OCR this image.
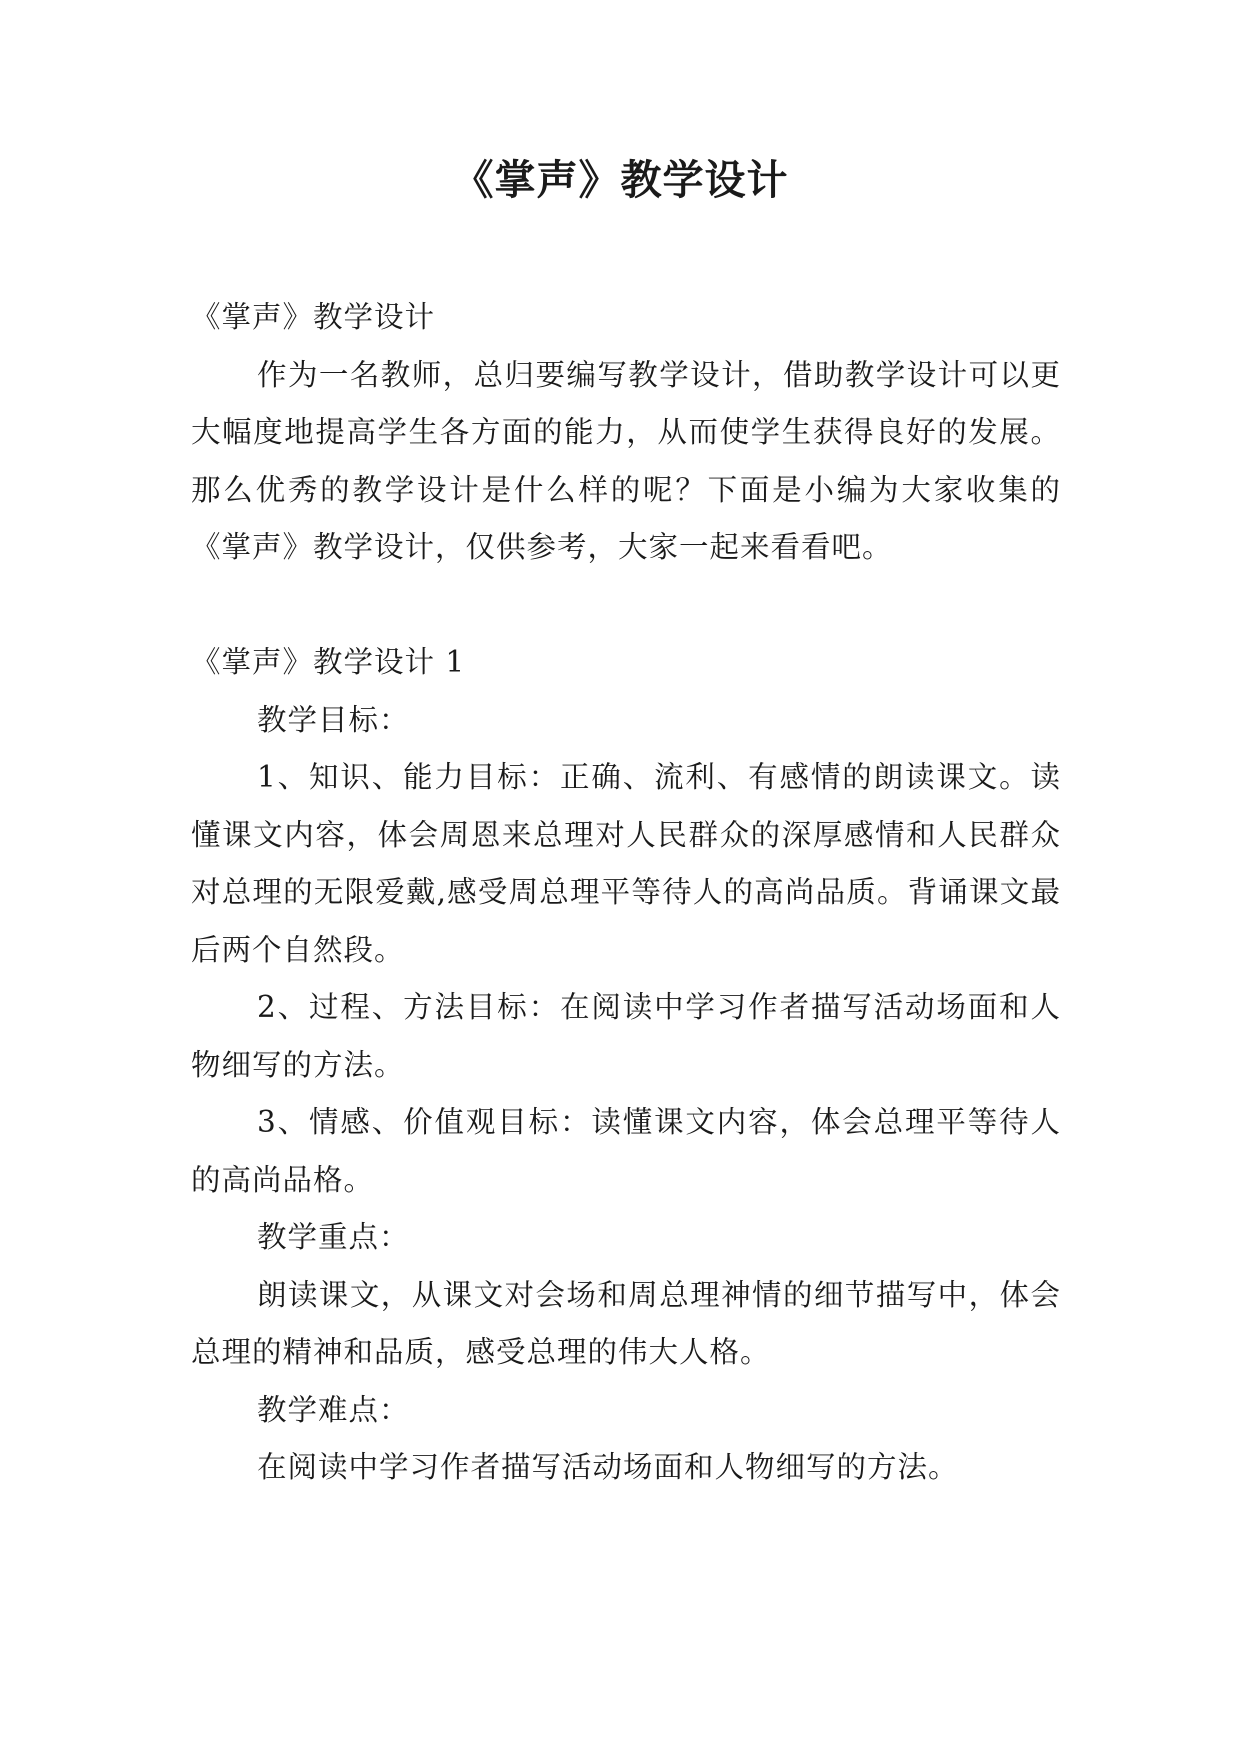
《掌声》教学设计

《掌声》教学设计

作为一名教师，总归要编写教学设计，借助教学设计可以更大幅度地提高学生各方面的能力，从而使学生获得良好的发展。那么优秀的教学设计是什么样的呢？下面是小编为大家收集的《掌声》教学设计，仅供参考，大家一起来看看吧。

《掌声》教学设计 1

教学目标：

1、知识、能力目标：正确、流利、有感情的朗读课文。读懂课文内容，体会周恩来总理对人民群众的深厚感情和人民群众对总理的无限爱戴,感受周总理平等待人的高尚品质。背诵课文最后两个自然段。

2、过程、方法目标：在阅读中学习作者描写活动场面和人物细写的方法。

3、情感、价值观目标：读懂课文内容，体会总理平等待人的高尚品格。

教学重点：

朗读课文，从课文对会场和周总理神情的细节描写中，体会总理的精神和品质，感受总理的伟大人格。

教学难点：

在阅读中学习作者描写活动场面和人物细写的方法。
